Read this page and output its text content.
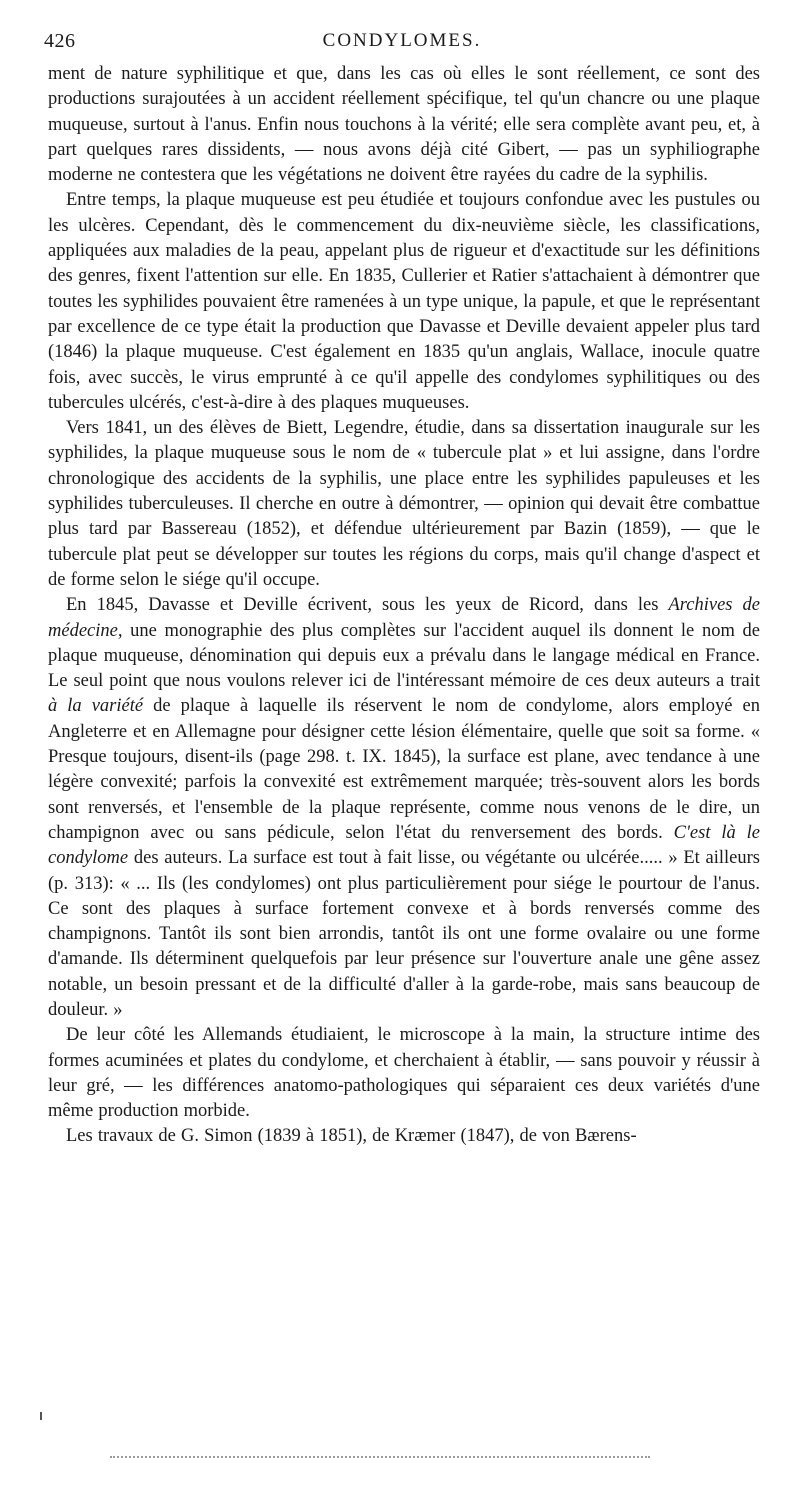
426	CONDYLOMES.

ment de nature syphilitique et que, dans les cas où elles le sont réellement, ce sont des productions surajoutées à un accident réellement spécifique, tel qu'un chancre ou une plaque muqueuse, surtout à l'anus. Enfin nous touchons à la vérité; elle sera complète avant peu, et, à part quelques rares dissidents, — nous avons déjà cité Gibert, — pas un syphiliographe moderne ne contestera que les végétations ne doivent être rayées du cadre de la syphilis.

Entre temps, la plaque muqueuse est peu étudiée et toujours confondue avec les pustules ou les ulcères. Cependant, dès le commencement du dix-neuvième siècle, les classifications, appliquées aux maladies de la peau, appelant plus de rigueur et d'exactitude sur les définitions des genres, fixent l'attention sur elle. En 1835, Cullerier et Ratier s'attachaient à démontrer que toutes les syphilides pouvaient être ramenées à un type unique, la papule, et que le représentant par excellence de ce type était la production que Davasse et Deville devaient appeler plus tard (1846) la plaque muqueuse. C'est également en 1835 qu'un anglais, Wallace, inocule quatre fois, avec succès, le virus emprunté à ce qu'il appelle des condylomes syphilitiques ou des tubercules ulcérés, c'est-à-dire à des plaques muqueuses.

Vers 1841, un des élèves de Biett, Legendre, étudie, dans sa dissertation inaugurale sur les syphilides, la plaque muqueuse sous le nom de « tubercule plat » et lui assigne, dans l'ordre chronologique des accidents de la syphilis, une place entre les syphilides papuleuses et les syphilides tuberculeuses. Il cherche en outre à démontrer, — opinion qui devait être combattue plus tard par Bassereau (1852), et défendue ultérieurement par Bazin (1859), — que le tubercule plat peut se développer sur toutes les régions du corps, mais qu'il change d'aspect et de forme selon le siége qu'il occupe.

En 1845, Davasse et Deville écrivent, sous les yeux de Ricord, dans les Archives de médecine, une monographie des plus complètes sur l'accident auquel ils donnent le nom de plaque muqueuse, dénomination qui depuis eux a prévalu dans le langage médical en France. Le seul point que nous voulons relever ici de l'intéressant mémoire de ces deux auteurs a trait à la variété de plaque à laquelle ils réservent le nom de condylome, alors employé en Angleterre et en Allemagne pour désigner cette lésion élémentaire, quelle que soit sa forme. « Presque toujours, disent-ils (page 298. t. IX. 1845), la surface est plane, avec tendance à une légère convexité; parfois la convexité est extrêmement marquée; très-souvent alors les bords sont renversés, et l'ensemble de la plaque représente, comme nous venons de le dire, un champignon avec ou sans pédicule, selon l'état du renversement des bords. C'est là le condylome des auteurs. La surface est tout à fait lisse, ou végétante ou ulcérée..... » Et ailleurs (p. 313): « ... Ils (les condylomes) ont plus particulièrement pour siége le pourtour de l'anus. Ce sont des plaques à surface fortement convexe et à bords renversés comme des champignons. Tantôt ils sont bien arrondis, tantôt ils ont une forme ovalaire ou une forme d'amande. Ils déterminent quelquefois par leur présence sur l'ouverture anale une gêne assez notable, un besoin pressant et de la difficulté d'aller à la garde-robe, mais sans beaucoup de douleur. »

De leur côté les Allemands étudiaient, le microscope à la main, la structure intime des formes acuminées et plates du condylome, et cherchaient à établir, — sans pouvoir y réussir à leur gré, — les différences anatomo-pathologiques qui séparaient ces deux variétés d'une même production morbide.

Les travaux de G. Simon (1839 à 1851), de Kræmer (1847), de von Bærens-
